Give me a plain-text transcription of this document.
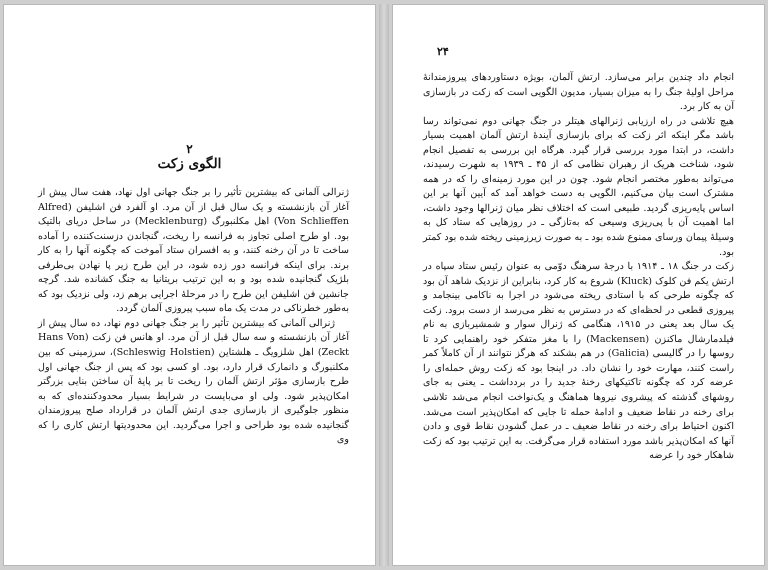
۲
الگوی زکت

ژنرالی آلمانی که بیشترین تأثیر را بر جنگ جهانی اول نهاد، هفت سال پیش از آغاز آن بازنشسته و یک سال قبل از آن مرد. او آلفرد فن اشلیفن (Alfred Von Schlieffen) اهل مکلنبورگ (Mecklenburg) در ساحل دریای بالتیک بود. او طرح اصلی تجاوز به فرانسه را ریخت، گنجاندن دز‌سنت‌کننده را آماده ساخت تا در آن رخنه کنند، و به افسران ستاد آموخت که چگونه آنها را به کار برند. برای اینکه فرانسه دور زده شود، در این طرح زیر پا نهادن بی‌طرفی بلژیک گنجانیده شده بود و به این ترتیب بریتانیا به جنگ کشانده شد. گرچه جانشین فن اشلیفن این طرح را در مرحلهٔ اجرایی برهم زد، ولی نزدیک بود که به‌طور خطرناکی در مدت یک ماه سبب پیروزی آلمان گردد.

ژنرالی آلمانی که بیشترین تأثیر را بر جنگ جهانی دوم نهاد، ده سال پیش از آغاز آن بازنشسته و سه سال قبل از آن مرد. او هانس فن زکت (Hans Von Zeckt) اهل شلزویگ ـ هلشتاین (Schleswig Holstien)، سرزمینی که بین مکلنبورگ و دانمارک قرار دارد، بود. او کسی بود که پس از جنگ جهانی اول طرح بازسازی مؤثر ارتش آلمان را ریخت تا بر پایهٔ آن ساختن بنایی بزرگتر امکان‌پذیر شود. ولی او می‌بایست در شرایط بسیار محدودکننده‌ای که به منظور جلوگیری از بازسازی جدی ارتش آلمان در قرارداد صلح پیروزمندان گنجانیده شده بود طراحی و اجرا می‌گردید. این محدودیتها ارتش کاری را که وی

۲۴

انجام داد چندین برابر می‌سازد. ارتش آلمان، بویژه دستاوردهای پیروزمندانهٔ مراحل اولیهٔ جنگ را به میزان بسیار، مدیون الگویی است که زکت در بازسازی آن به کار برد.

هیچ تلاشی در راه ارزیابی ژنرالهای هیتلر در جنگ جهانی دوم نمی‌تواند رسا باشد مگر اینکه اثر زکت که برای بازسازی آیندهٔ ارتش آلمان اهمیت بسیار داشت، در ابتدا مورد بررسی قرار گیرد. هرگاه این بررسی به تفصیل انجام شود، شناخت هریک از رهبران نظامی که از ۴۵ ـ ۱۹۳۹ به شهرت رسیدند، می‌تواند به‌طور مختصر انجام شود. چون در این مورد زمینه‌ای را که در همه مشترک است بیان می‌کنیم، الگویی به دست خواهد آمد که آیین آنها بر این اساس پایه‌ریزی گردید. طبیعی است که اختلاف نظر میان ژنرالها وجود داشت، اما اهمیت آن با پی‌ریزی وسیعی که به‌تازگی ـ در روزهایی که ستاد کل به وسیلهٔ پیمان ورسای ممنوع شده بود ـ به صورت زیرزمینی ریخته شده بود کمتر بود.

زکت در جنگ ۱۸ ـ ۱۹۱۴ با درجهٔ سرهنگ دوّمی به عنوان رئیس ستاد سپاه در ارتش یکم فن کلوک (Kluck) شروع به کار کرد، بنابراین از نزدیک شاهد آن بود که چگونه طرحی که با استادی ریخته می‌شود در اجرا به ناکامی بینجامد و پیروزی قطعی در لحظه‌ای که در دسترس به نظر می‌رسد از دست برود. زکت یک سال بعد یعنی در ۱۹۱۵، هنگامی که ژنرال سوار و شمشیربازی به نام فیلدمارشال ماکنزن (Mackensen) را با مغز متفکر خود راهنمایی کرد تا روسها را در گالیسی (Galicia) در هم بشکند که هرگز نتوانند از آن کاملاً کمر راست کنند، مهارت خود را نشان داد. در اینجا بود که زکت روش حمله‌ای را عرضه کرد که چگونه تاکتیکهای رخنهٔ جدید را در بردداشت ـ یعنی به جای روشهای گذشته که پیشروی نیروها هماهنگ و یک‌نواخت انجام می‌شد تلاشی برای رخنه در نقاط ضعیف و ادامهٔ حمله تا جایی که امکان‌پذیر است می‌شد. اکنون احتیاط برای رخنه در نقاط ضعیف ـ در عمل گشودن نقاط قوی و دادن آنها که امکان‌پذیر باشد مورد استفاده قرار می‌گرفت. به این ترتیب بود که زکت شاهکار خود را عرضه
